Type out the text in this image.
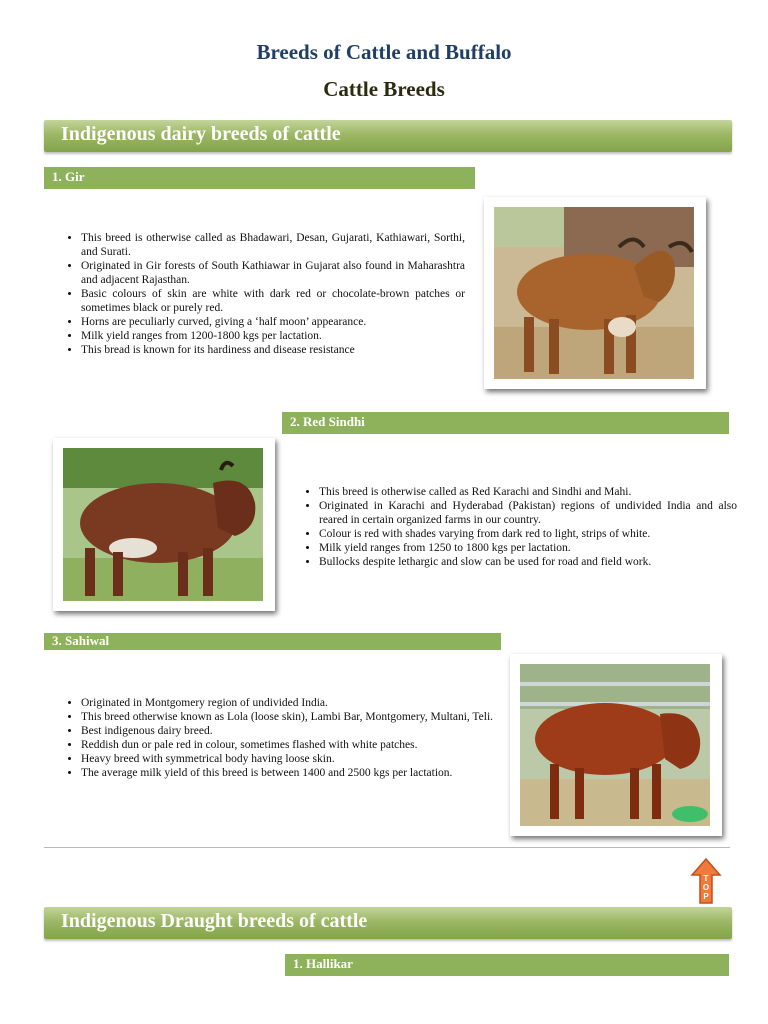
Breeds of Cattle and Buffalo
Cattle Breeds
Indigenous dairy breeds of cattle
1. Gir
• This breed is otherwise called as Bhadawari, Desan, Gujarati, Kathiawari, Sorthi, and Surati.
• Originated in Gir forests of South Kathiawar in Gujarat also found in Maharashtra and adjacent Rajasthan.
• Basic colours of skin are white with dark red or chocolate-brown patches or sometimes black or purely red.
• Horns are peculiarly curved, giving a ‘half moon’ appearance.
• Milk yield ranges from 1200-1800 kgs per lactation.
• This bread is known for its hardiness and disease resistance
2. Red Sindhi
• This breed is otherwise called as Red Karachi and Sindhi and Mahi.
• Originated in Karachi and Hyderabad (Pakistan) regions of undivided India and also reared in certain organized farms in our country.
• Colour is red with shades varying from dark red to light, strips of white.
• Milk yield ranges from 1250 to 1800 kgs per lactation.
• Bullocks despite lethargic and slow can be used for road and field work.
3. Sahiwal
• Originated in Montgomery region of undivided India.
• This breed otherwise known as Lola (loose skin), Lambi Bar, Montgomery, Multani, Teli.
• Best indigenous dairy breed.
• Reddish dun or pale red in colour, sometimes flashed with white patches.
• Heavy breed with symmetrical body having loose skin.
• The average milk yield of this breed is between 1400 and 2500 kgs per lactation.
T
O
P
Indigenous Draught breeds of cattle
1. Hallikar
